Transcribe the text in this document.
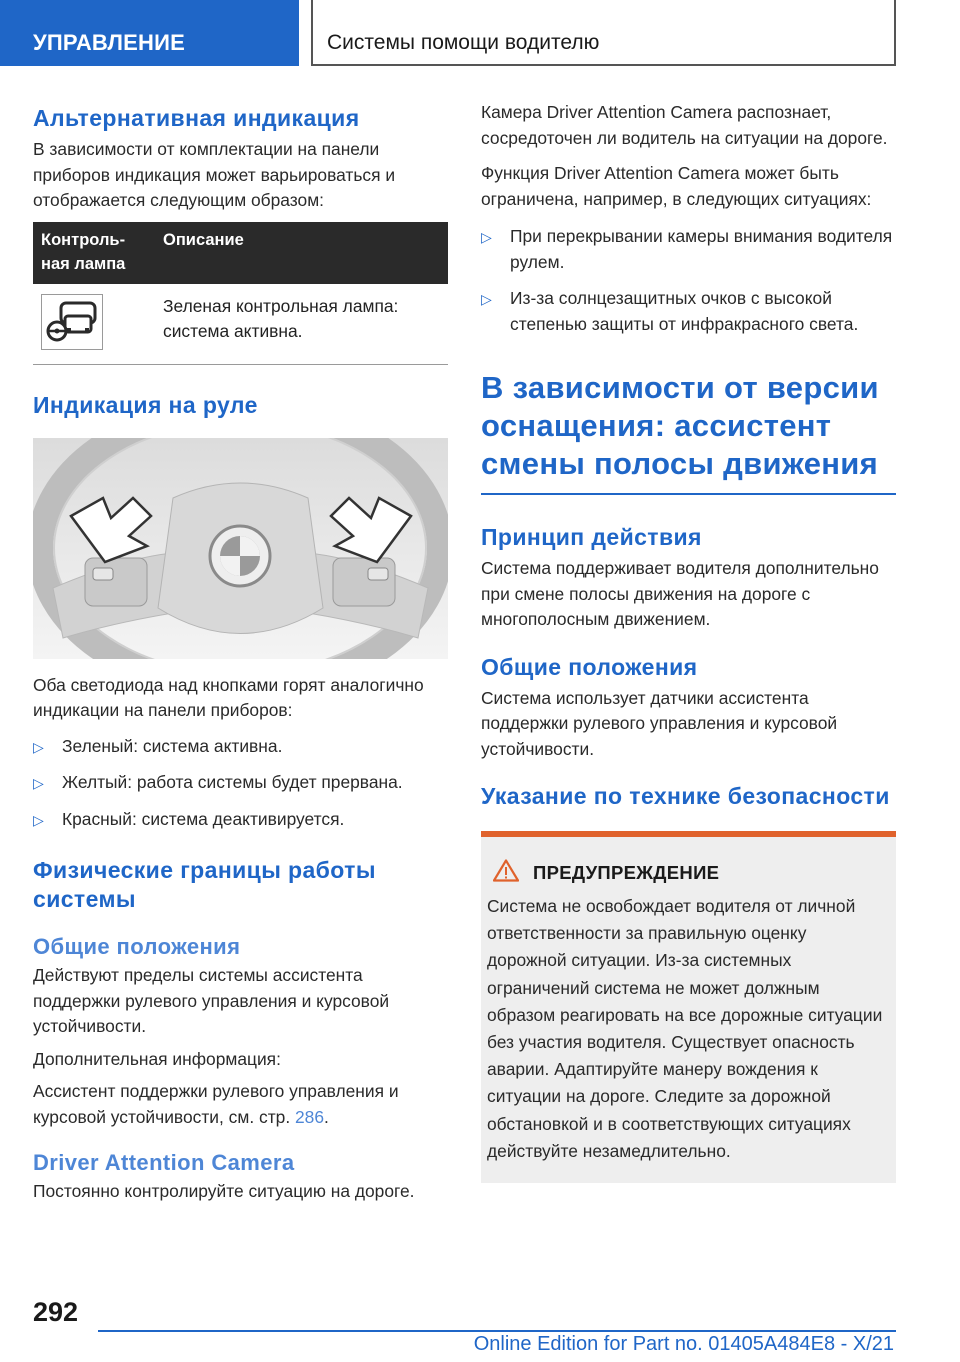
УПРАВЛЕНИЕ	Системы помощи водителю
Альтернативная индикация

В зависимости от комплектации на панели приборов индикация может варьироваться и отображается следующим образом:

Контроль-ная лампа	Описание

	Зеленая контрольная лампа: система активна.
Индикация на руле

Оба светодиода над кнопками горят аналогично индикации на панели приборов:

▷ Зеленый: система активна.
▷ Желтый: работа системы будет прервана.
▷ Красный: система деактивируется.
Физические границы работы системы
Общие положения

Действуют пределы системы ассистента поддержки рулевого управления и курсовой устойчивости.

Дополнительная информация:

Ассистент поддержки рулевого управления и курсовой устойчивости, см. стр. 286.

Driver Attention Camera

Постоянно контролируйте ситуацию на дороге.

Камера Driver Attention Camera распознает, сосредоточен ли водитель на ситуации на дороге.

Функция Driver Attention Camera может быть ограничена, например, в следующих ситуациях:

▷ При перекрывании камеры внимания водителя рулем.
▷ Из-за солнцезащитных очков с высокой степенью защиты от инфракрасного света.
В зависимости от версии оснащения: ассистент смены полосы движения
Принцип действия

Система поддерживает водителя дополнительно при смене полосы движения на дороге с многополосным движением.

Общие положения

Система использует датчики ассистента поддержки рулевого управления и курсовой устойчивости.

Указание по технике безопасности
ПРЕДУПРЕЖДЕНИЕ

Система не освобождает водителя от личной ответственности за правильную оценку дорожной ситуации. Из-за системных ограничений система не может должным образом реагировать на все дорожные ситуации без участия водителя. Существует опасность аварии. Адаптируйте манеру вождения к ситуации на дороге. Следите за дорожной обстановкой и в соответствующих ситуациях действуйте незамедлительно.

292
Online Edition for Part no. 01405A484E8 - X/21
